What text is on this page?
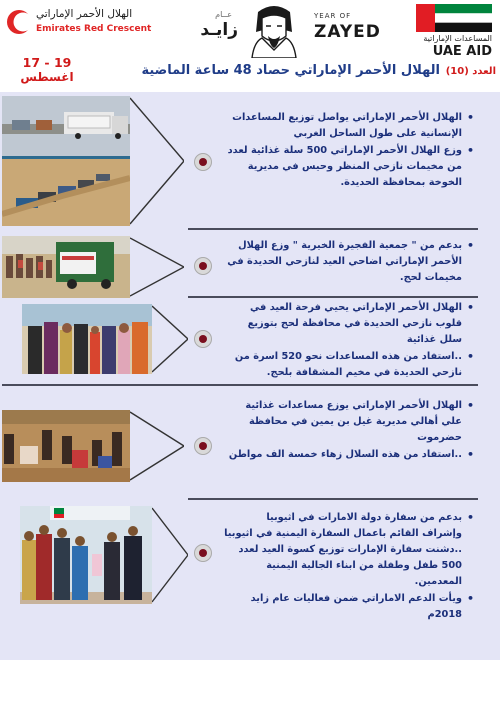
الهلال الأحمر الإماراتي
Emirates Red Crescent
عــام
زايـد
YEAR OF
ZAYED	المساعدات الإماراتية
UAE AID
17 - 19
اغسطس	الهلال الأحمر الإماراتي حصاد 48 ساعة الماضية العدد (10)

• الهلال الأحمر الإماراتي يواصل توزيع المساعدات الإنسانية على طول الساحل الغربي

• وزع الهلال الأحمر الإماراتي 500 سلة غذائية لعدد من مخيمات نازحي المنظر وحيس في مديرية الخوخة بمحافظة الحديدة.

• بدعم من " جمعية الفجيرة الخيرية " وزع الهلال الأحمر الإماراتي اضاحي العيد لنازحي الحديدة في مخيمات لحج.

• الهلال الأحمر الإماراتي يحيي فرحة العيد في قلوب نازحي الحديدة في محافظة لحج بتوزيع سلل غذائية

• ..استفاد من هذه المساعدات نحو 520 اسرة من نازحي الحديدة في مخيم المشقافة بلحج.

• الهلال الأحمر الإماراتي يوزع مساعدات غذائية علي أهالي مديرية غيل بن يمين في محافظة حضرموت

• ..استفاد من هذه السلال زهاء خمسة الف مواطن

• بدعم من سفارة دولة الامارات في اثيوبيا وإشراف القائم باعمال السفارة اليمنية في اثيوبيا ..دشنت سفارة الإمارات توزيع كسوة العيد لعدد 500 طفل وطفلة من ابناء الجالية اليمنية المعدمين.

• ويأت الدعم الاماراتي ضمن فعاليات عام زايد 2018م
